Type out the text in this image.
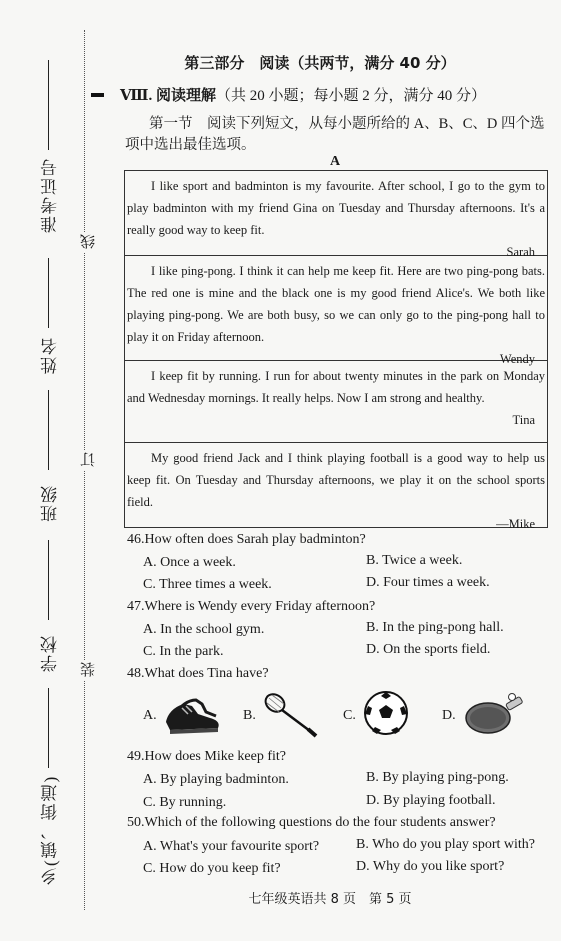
准考证号
姓名
班级
学校
乡(镇、街道)
线
订
装
第三部分　阅读（共两节，满分 40 分）
Ⅷ. 阅读理解（共 20 小题；每小题 2 分，满分 40 分）
第一节　阅读下列短文，从每小题所给的 A、B、C、D 四个选项中选出最佳选项。
A

I like sport and badminton is my favourite. After school, I go to the gym to play badminton with my friend Gina on Tuesday and Thursday afternoons. It's a really good way to keep fit.

Sarah

I like ping-pong. I think it can help me keep fit. Here are two ping-pong bats. The red one is mine and the black one is my good friend Alice's. We both like playing ping-pong. We are both busy, so we can only go to the ping-pong hall to play it on Friday afternoon.

Wendy

I keep fit by running. I run for about twenty minutes in the park on Monday and Wednesday mornings. It really helps. Now I am strong and healthy.

Tina

My good friend Jack and I think playing football is a good way to help us keep fit. On Tuesday and Thursday afternoons, we play it on the school sports field.

—Mike

46.How often does Sarah play badminton?
A. Once a week.	B. Twice a week.
C. Three times a week.	D. Four times a week.
47.Where is Wendy every Friday afternoon?
A. In the school gym.	B. In the ping-pong hall.
C. In the park.	D. On the sports field.
48.What does Tina have?
A.	B.	C.	D.
49.How does Mike keep fit?
A. By playing badminton.	B. By playing ping-pong.
C. By running.	D. By playing football.
50.Which of the following questions do the four students answer?
A. What's your favourite sport?	B. Who do you play sport with?
C. How do you keep fit?	D. Why do you like sport?
七年级英语共 8 页　第 5 页
